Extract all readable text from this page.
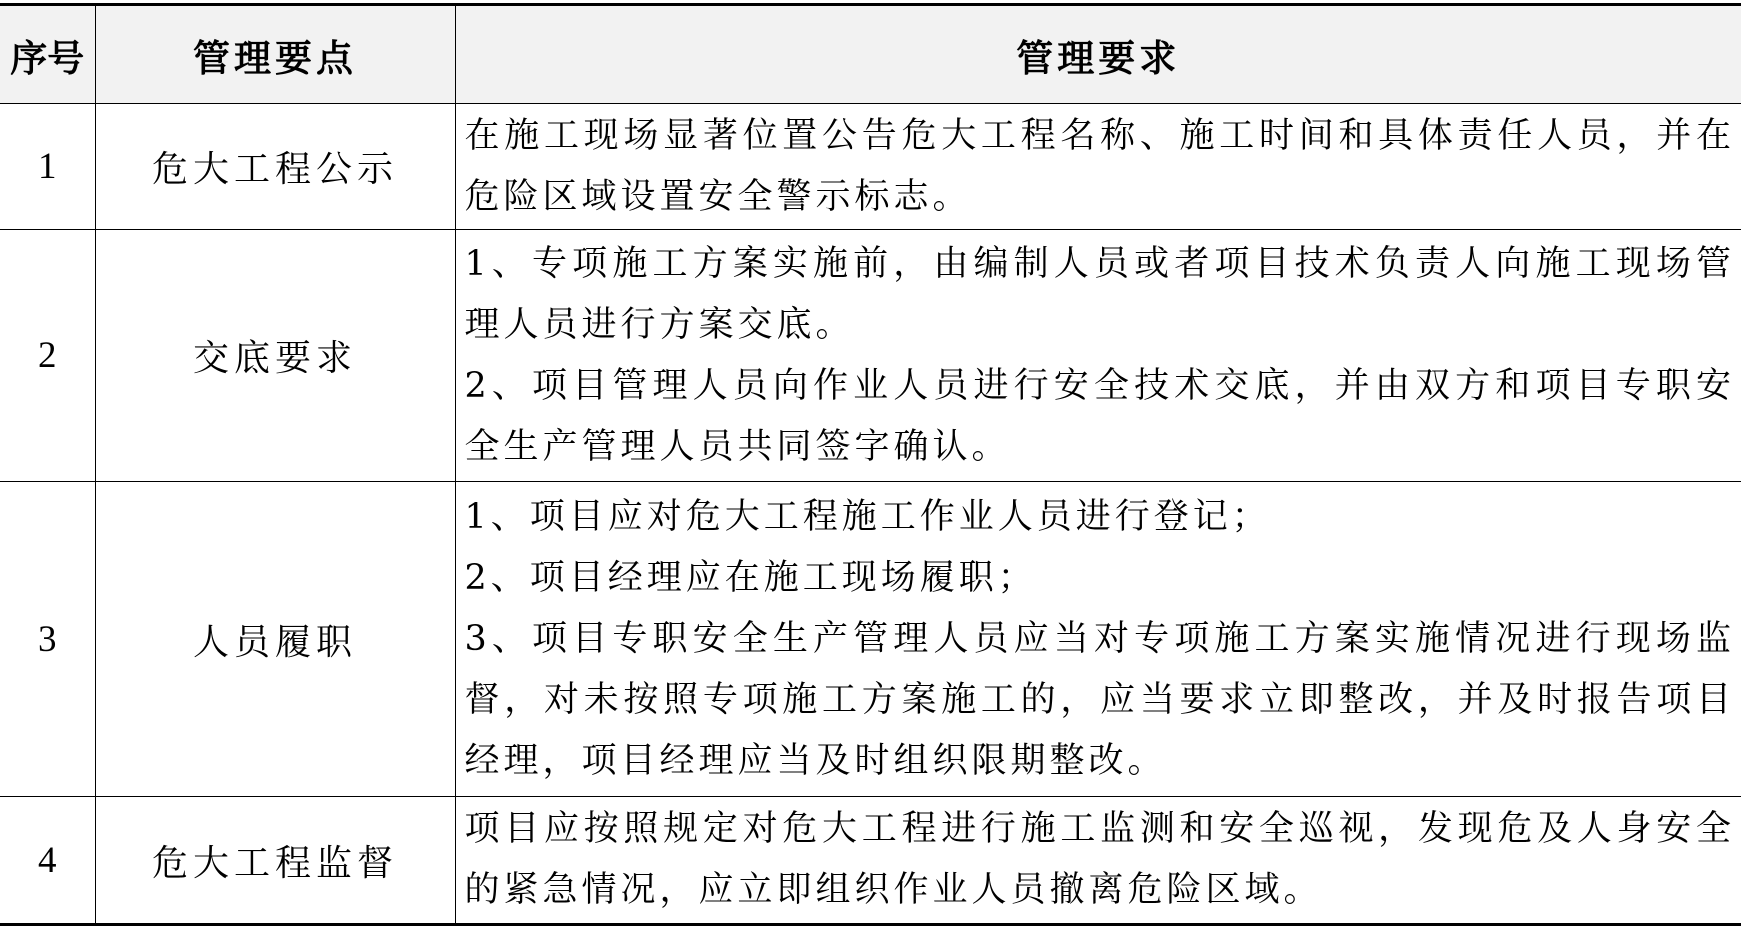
序号	管理要点	管理要求
1	危大工程公示	在施工现场显著位置公告危大工程名称、施工时间和具体责任人员，并在危险区域设置安全警示标志。

2	交底要求	1、专项施工方案实施前，由编制人员或者项目技术负责人向施工现场管理人员进行方案交底。
2、项目管理人员向作业人员进行安全技术交底，并由双方和项目专职安全生产管理人员共同签字确认。

3	人员履职	1、项目应对危大工程施工作业人员进行登记；
2、项目经理应在施工现场履职；
3、项目专职安全生产管理人员应当对专项施工方案实施情况进行现场监督，对未按照专项施工方案施工的，应当要求立即整改，并及时报告项目经理，项目经理应当及时组织限期整改。

4	危大工程监督	项目应按照规定对危大工程进行施工监测和安全巡视，发现危及人身安全的紧急情况，应立即组织作业人员撤离危险区域。
